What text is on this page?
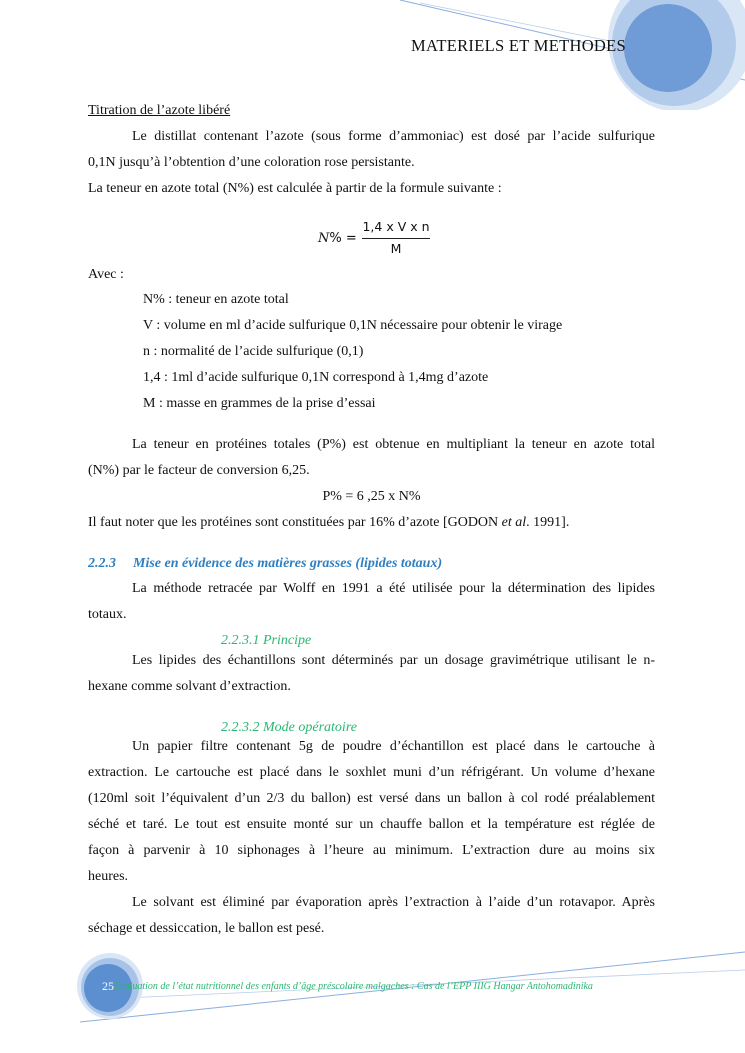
MATERIELS ET METHODES
Titration de l’azote libéré
Le distillat contenant l’azote (sous forme d’ammoniac) est dosé par l’acide sulfurique
0,1N jusqu’à l’obtention d’une coloration rose persistante.
La teneur en azote total (N%) est calculée à partir de la formule suivante :
N% =
1,4 x V x n
M
Avec :
N% : teneur en azote total
V : volume en ml d’acide sulfurique 0,1N nécessaire pour obtenir le virage
n : normalité de l’acide sulfurique (0,1)
1,4 : 1ml d’acide sulfurique 0,1N correspond à 1,4mg d’azote
M : masse en grammes de la prise d’essai
La teneur en protéines totales (P%) est obtenue en multipliant la teneur en azote total
(N%) par le facteur de conversion 6,25.
P% = 6 ,25 x N%
Il faut noter que les protéines sont constituées par 16% d’azote [GODON et al. 1991].
2.2.3 Mise en évidence des matières grasses (lipides totaux)
La méthode retracée par Wolff en 1991 a été utilisée pour la détermination des lipides
totaux.
2.2.3.1 Principe
Les lipides des échantillons sont déterminés par un dosage gravimétrique utilisant le n-
hexane comme solvant d’extraction.
2.2.3.2 Mode opératoire
Un papier filtre contenant 5g de poudre d’échantillon est placé dans le cartouche à
extraction. Le cartouche est placé dans le soxhlet muni d’un réfrigérant. Un volume d’hexane
(120ml soit l’équivalent d’un 2/3 du ballon) est versé dans un ballon à col rodé préalablement
séché et taré. Le tout est ensuite monté sur un chauffe ballon et la température est réglée de
façon à parvenir à 10 siphonages à l’heure au minimum. L’extraction dure au moins six
heures.
Le solvant est éliminé par évaporation après l’extraction à l’aide d’un rotavapor. Après
séchage et dessiccation, le ballon est pesé.
25 Evaluation de l’état nutritionnel des enfants d’âge préscolaire malgaches : Cas de l’EPP IIIG Hangar Antohomadinika
